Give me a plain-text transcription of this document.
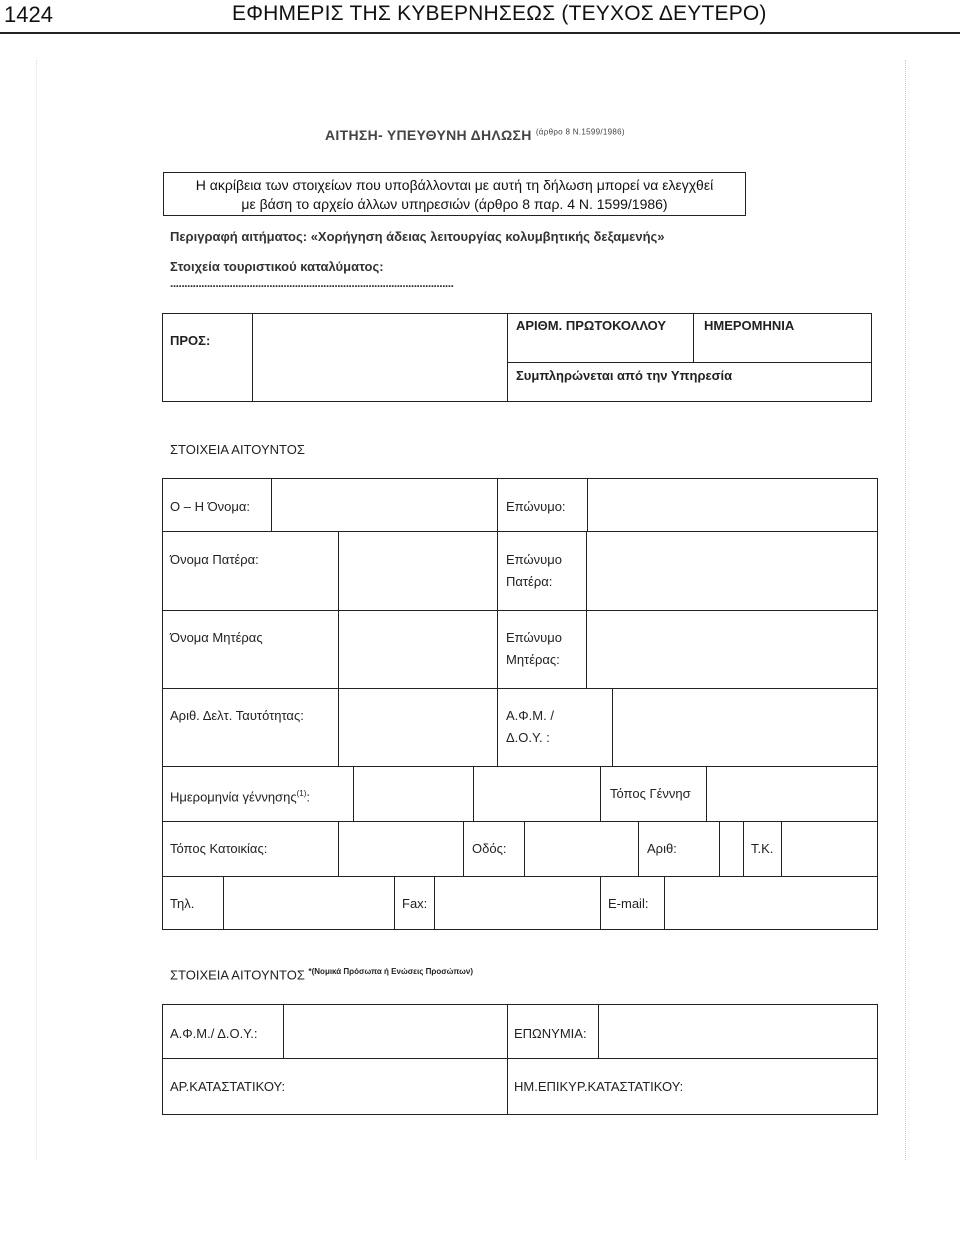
1424	ΕΦΗΜΕΡΙΣ ΤΗΣ ΚΥΒΕΡΝΗΣΕΩΣ (ΤΕΥΧΟΣ ΔΕΥΤΕΡΟ)
ΑΙΤΗΣΗ- ΥΠΕΥΘΥΝΗ ΔΗΛΩΣΗ $^{(ά\rho\theta\rho o 8 N.1599/1986)}$
Η ακρίβεια των στοιχείων που υποβάλλονται με αυτή τη δήλωση μπορεί να ελεγχθεί
με βάση το αρχείο άλλων υπηρεσιών (άρθρο 8 παρ. 4 Ν. 1599/1986)
Περιγραφή αιτήματος: «Χορήγηση άδειας λειτουργίας κολυμβητικής δεξαμενής»
Στοιχεία τουριστικού καταλύματος:
....................................................................................................
ΠΡΟΣ:
ΑΡΙΘΜ. ΠΡΩΤΟΚΟΛΛΟΥ	ΗΜΕΡΟΜΗΝΙΑ
Συμπληρώνεται από την Υπηρεσία
ΣΤΟΙΧΕΙΑ ΑΙΤΟΥΝΤΟΣ
Ο – Η Όνομα:	Επώνυμο:
Όνομα Πατέρα:	Επώνυμο
Πατέρα:
Όνομα Μητέρας	Επώνυμο
Μητέρας:
Αριθ. Δελτ. Ταυτότητας:	Α.Φ.Μ. /
Δ.Ο.Υ. :
Ημερομηνία γέννησης$^{(1)}$:	Τόπος Γέννησ
Τόπος Κατοικίας:	Οδός:	Αριθ:	Τ.Κ.
Τηλ.	Fax:	E-mail:
ΣΤΟΙΧΕΙΑ ΑΙΤΟΥΝΤΟΣ $^{*(No\mu\iota\kappa ά \Pi\rho ό\sigma\omega\pi\alpha ή E\nu ώ\sigma\varepsilon\iota\varsigma \Pi\rho o\sigma ώ\pi\omega\nu)}$
Α.Φ.Μ./ Δ.Ο.Υ.:	ΕΠΩΝΥΜΙΑ:
ΑΡ.ΚΑΤΑΣΤΑΤΙΚΟΥ:	ΗΜ.ΕΠΙΚΥΡ.ΚΑΤΑΣΤΑΤΙΚΟΥ:
